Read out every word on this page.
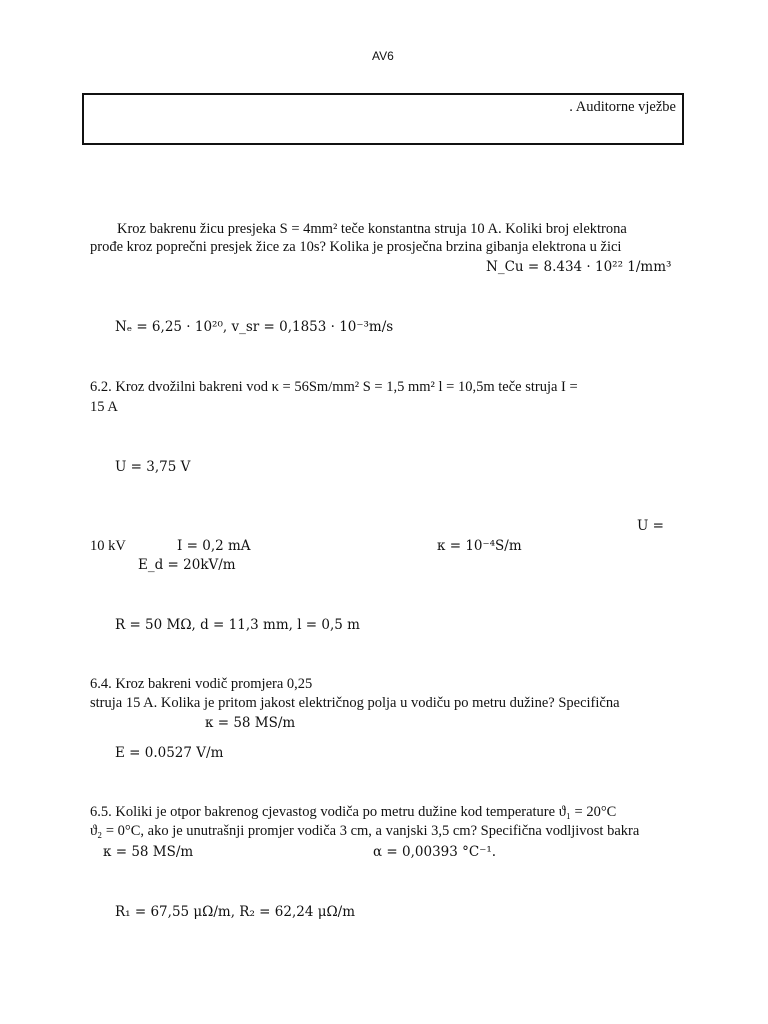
AV6
. Auditorne vježbe
Kroz bakrenu žicu presjeka S = 4mm² teče konstantna struja 10 A. Koliki broj elektrona
prođe kroz poprečni presjek žice za 10s? Kolika je prosječna brzina gibanja elektrona u žici
N_Cu = 8.434 · 10²² 1/mm³
Nₑ = 6,25 · 10²⁰, v_sr = 0,1853 · 10⁻³m/s
6.2. Kroz dvožilni bakreni vod κ = 56Sm/mm² S = 1,5 mm² l = 10,5m teče struja I =
15 A
U = 3,75 V
U =
10 kV	I = 0,2 mA	κ = 10⁻⁴S/m
E_d = 20kV/m
R = 50 MΩ, d = 11,3 mm, l = 0,5 m
6.4. Kroz bakreni vodič promjera 0,25
struja 15 A. Kolika je pritom jakost električnog polja u vodiču po metru dužine? Specifična
κ = 58 MS/m
E = 0.0527 V/m
6.5. Koliki je otpor bakrenog cjevastog vodiča po metru dužine kod temperature ϑ₁ = 20°C
ϑ₂ = 0°C, ako je unutrašnji promjer vodiča 3 cm, a vanjski 3,5 cm? Specifična vodljivost bakra
κ = 58 MS/m	α = 0,00393 °C⁻¹.
R₁ = 67,55 μΩ/m, R₂ = 62,24 μΩ/m
